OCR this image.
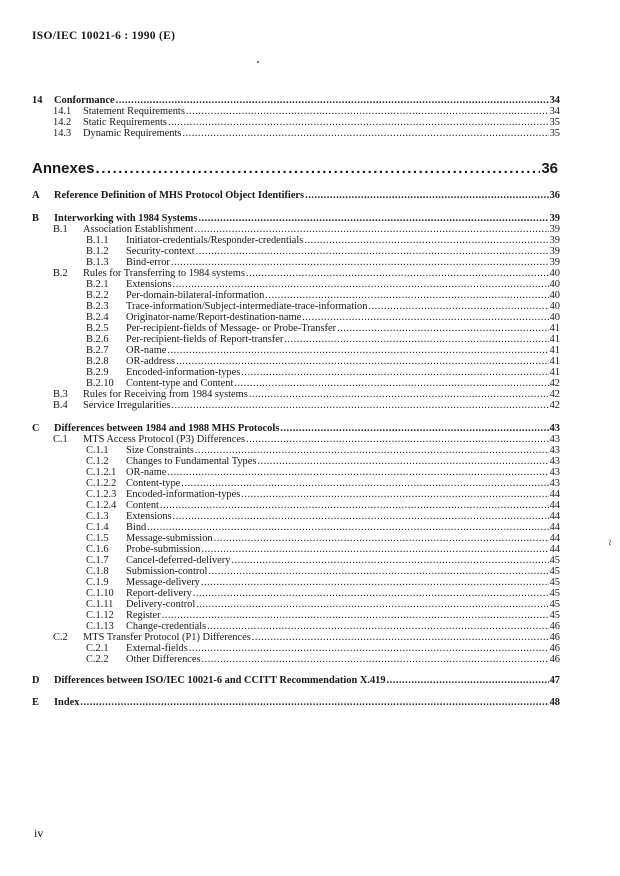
ISO/IEC 10021-6 : 1990 (E)
~
Annexes .....	36
14	Conformance .....	34
14.1	Statement Requirements .....	34
14.2	Static Requirements .....	35
14.3	Dynamic Requirements .....	35
A	Reference Definition of MHS Protocol Object Identifiers .....	36
B	Interworking with 1984 Systems .....	39
B.1	Association Establishment .....	39
B.1.1	Initiator-credentials/Responder-credentials .....	39
B.1.2	Security-context .....	39
B.1.3	Bind-error .....	39
B.2	Rules for Transferring to 1984 systems .....	40
B.2.1	Extensions .....	40
B.2.2	Per-domain-bilateral-information .....	40
B.2.3	Trace-information/Subject-intermediate-trace-information .....	40
B.2.4	Originator-name/Report-destination-name .....	40
B.2.5	Per-recipient-fields of Message- or Probe-Transfer .....	41
B.2.6	Per-recipient-fields of Report-transfer .....	41
B.2.7	OR-name .....	41
B.2.8	OR-address .....	41
B.2.9	Encoded-information-types .....	41
B.2.10	Content-type and Content .....	42
B.3	Rules for Receiving from 1984 systems .....	42
B.4	Service Irregularities .....	42
C	Differences between 1984 and 1988 MHS Protocols .....	43
C.1	MTS Access Protocol (P3) Differences .....	43
C.1.1	Size Constraints .....	43
C.1.2	Changes to Fundamental Types .....	43
C.1.2.1 OR-name .....	43
C.1.2.2 Content-type .....	43
C.1.2.3 Encoded-information-types .....	44
C.1.2.4 Content .....	44
C.1.3	Extensions .....	44
C.1.4	Bind .....	44
C.1.5	Message-submission .....	44
C.1.6	Probe-submission .....	44
C.1.7	Cancel-deferred-delivery .....	45
C.1.8	Submission-control .....	45
C.1.9	Message-delivery .....	45
C.1.10	Report-delivery .....	45
C.1.11	Delivery-control .....	45
C.1.12	Register .....	45
C.1.13	Change-credentials .....	46
C.2	MTS Transfer Protocol (P1) Differences .....	46
C.2.1	External-fields .....	46
C.2.2	Other Differences .....	46
D	Differences between ISO/IEC 10021-6 and CCITT Recommendation X.419 .....	47
E	Index .....	48
iv
